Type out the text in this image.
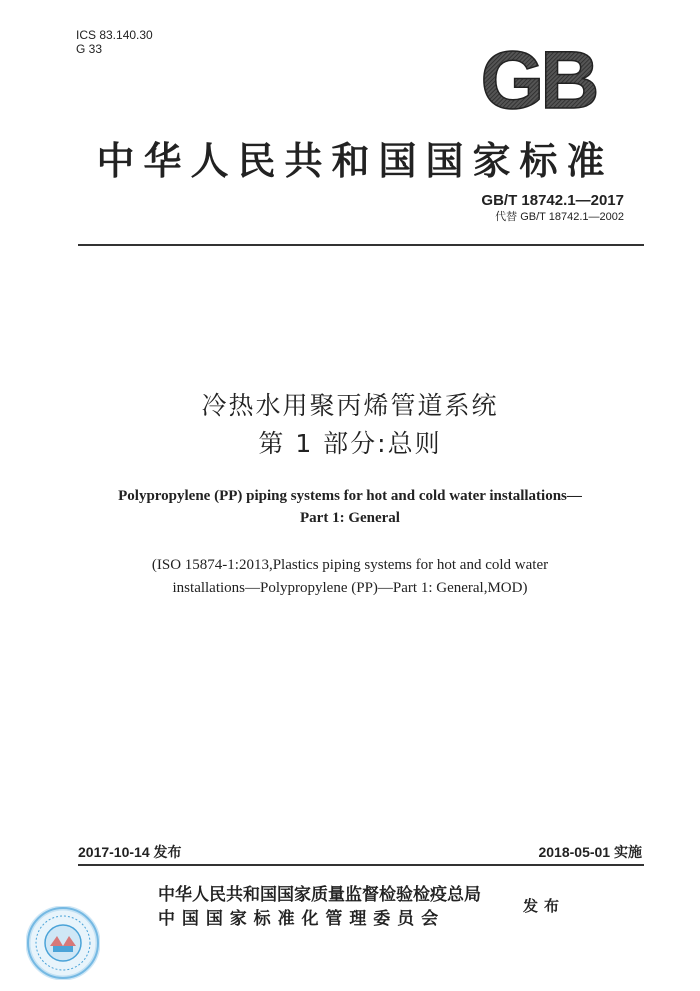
ICS 83.140.30
G 33	GB
中华人民共和国国家标准
GB/T 18742.1—2017
代替 GB/T 18742.1—2002
冷热水用聚丙烯管道系统
第 1 部分:总则
Polypropylene (PP) piping systems for hot and cold water installations—
Part 1: General
(ISO 15874-1:2013,Plastics piping systems for hot and cold water
installations—Polypropylene (PP)—Part 1: General,MOD)
2017-10-14 发布	2018-05-01 实施
中华人民共和国国家质量监督检验检疫总局
中 国 国 家 标 准 化 管 理 委 员 会
发布
